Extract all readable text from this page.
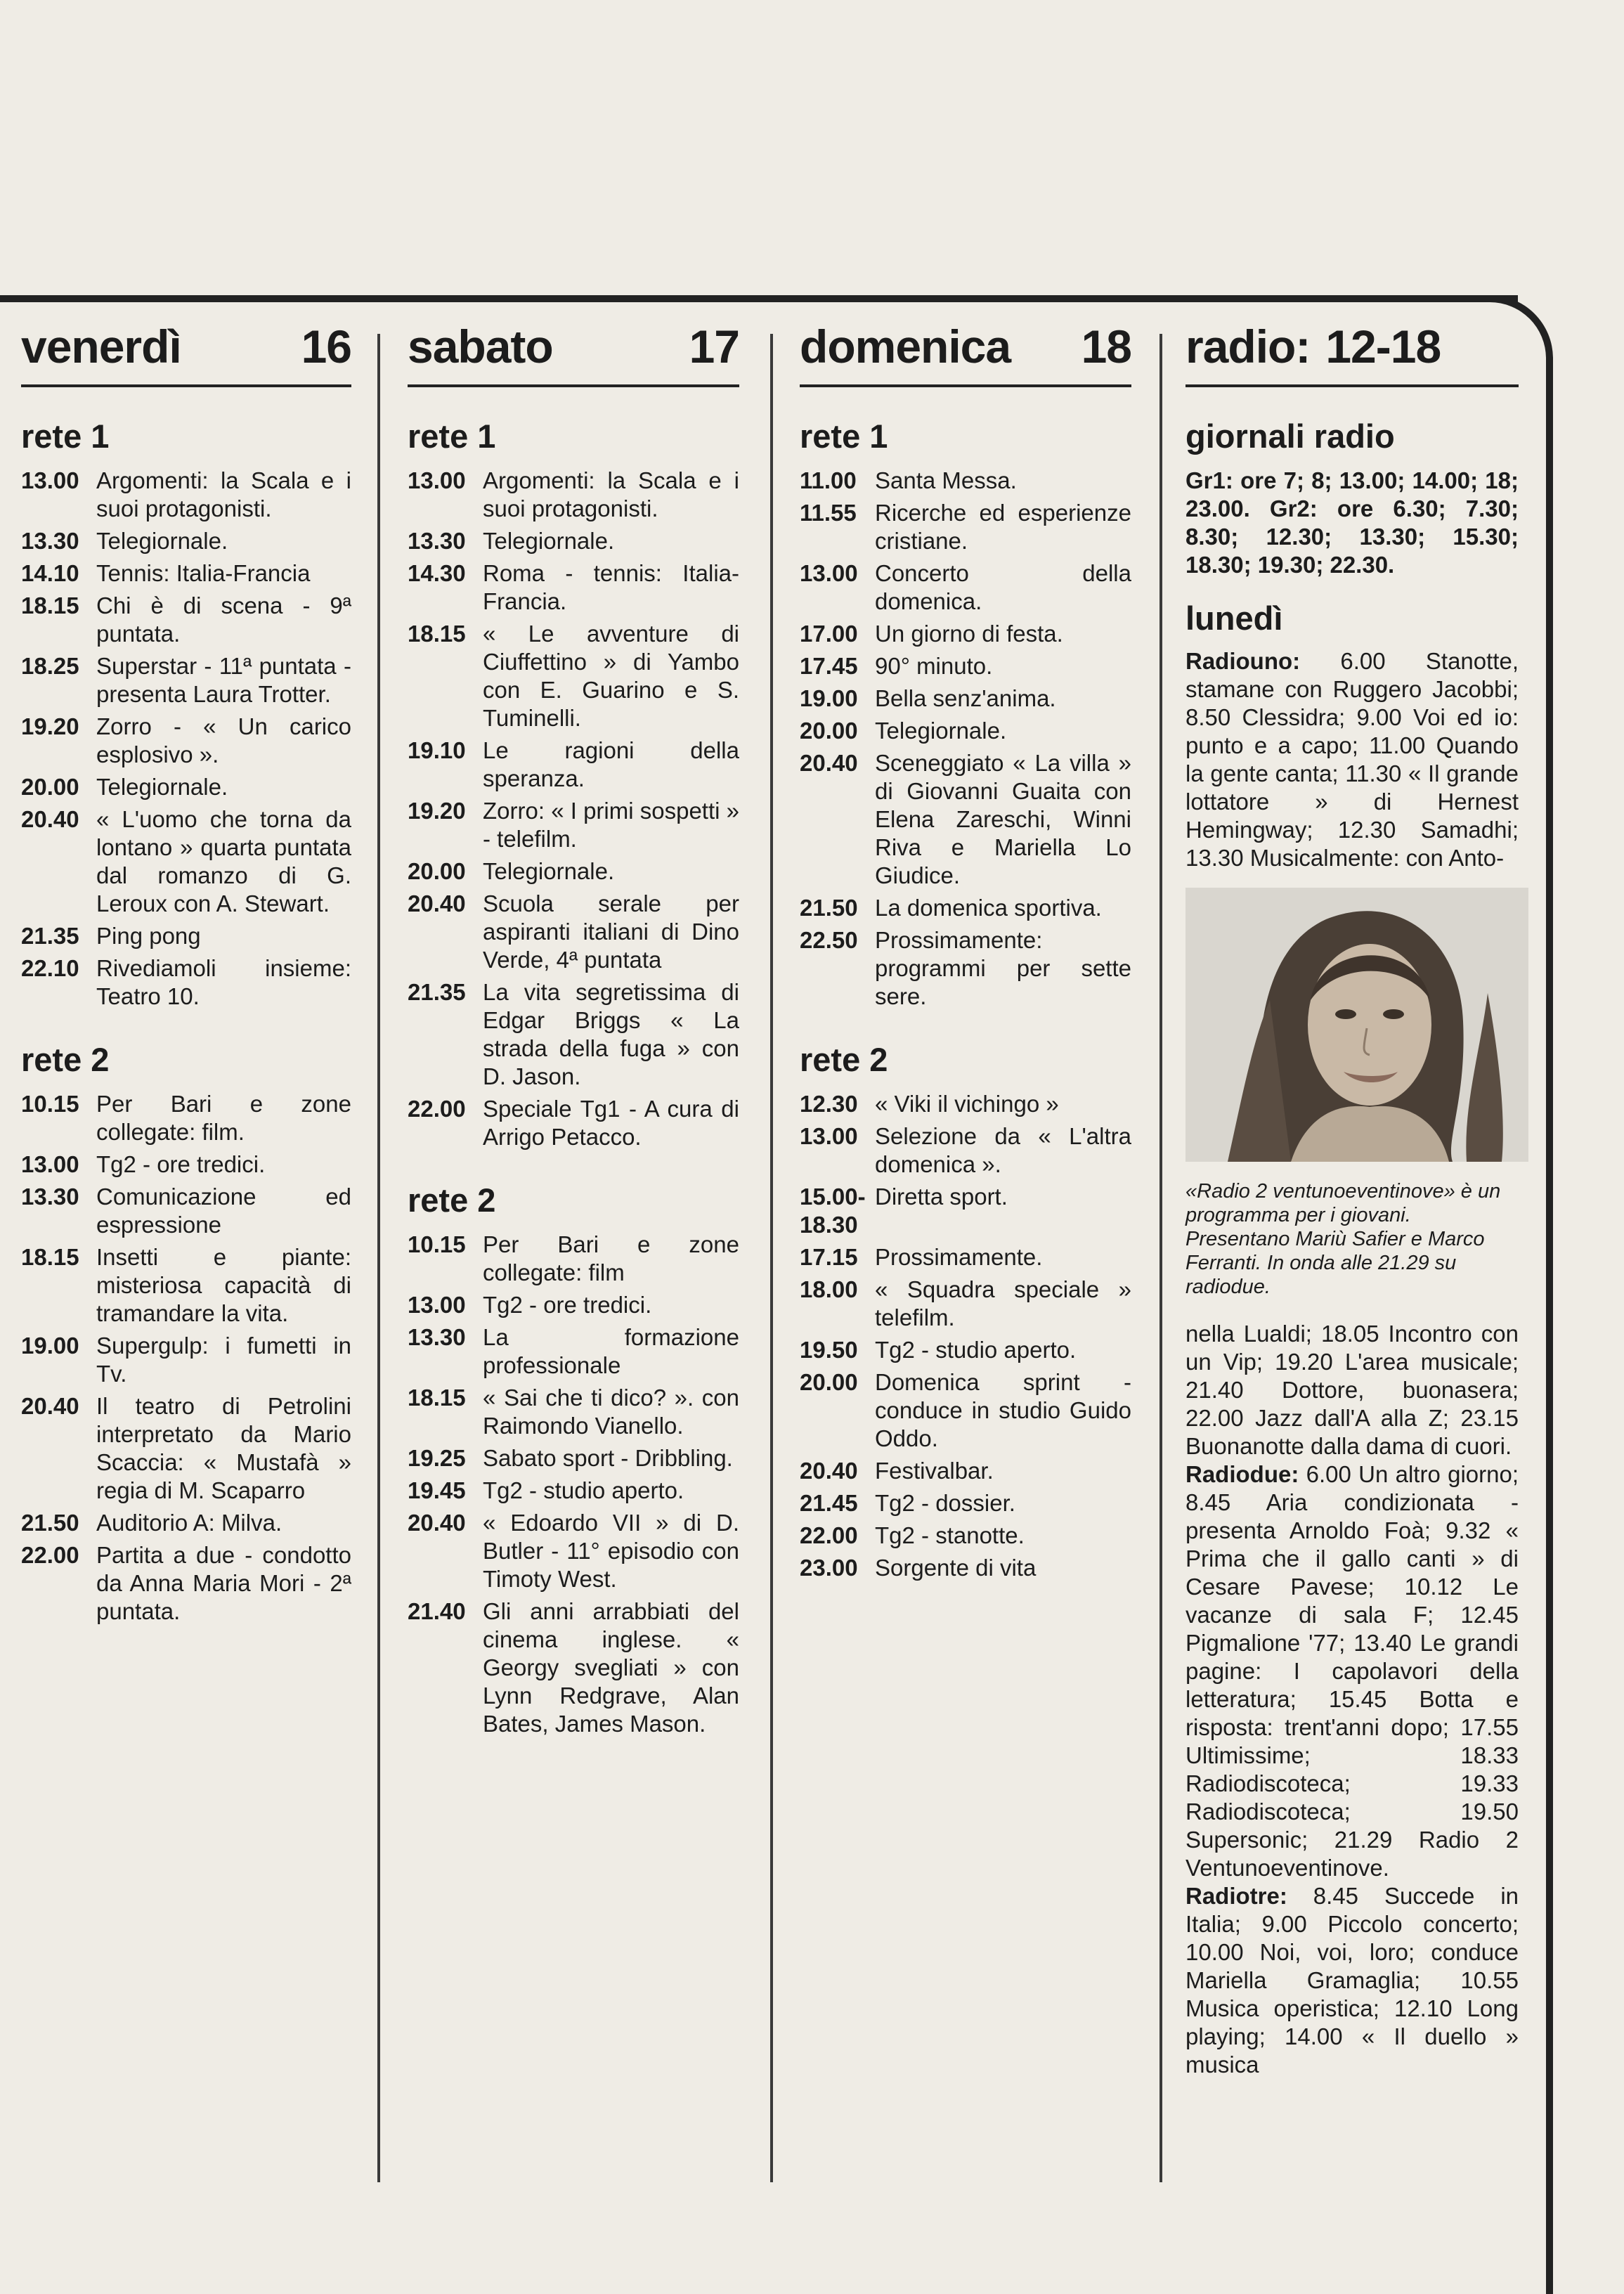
venerdì	16
rete 1
13.00 Argomenti: la Scala e i suoi protagonisti.
13.30 Telegiornale.
14.10 Tennis: Italia-Francia
18.15 Chi è di scena - 9ª puntata.
18.25 Superstar - 11ª puntata - presenta Laura Trotter.
19.20 Zorro - « Un carico esplosivo ».
20.00 Telegiornale.
20.40 « L'uomo che torna da lontano » quarta puntata dal romanzo di G. Leroux con A. Stewart.
21.35 Ping pong
22.10 Rivediamoli insieme: Teatro 10.
rete 2
10.15 Per Bari e zone collegate: film.
13.00 Tg2 - ore tredici.
13.30 Comunicazione ed espressione
18.15 Insetti e piante: misteriosa capacità di tramandare la vita.
19.00 Supergulp: i fumetti in Tv.
20.40 Il teatro di Petrolini interpretato da Mario Scaccia: « Mustafà » regia di M. Scaparro
21.50 Auditorio A: Milva.
22.00 Partita a due - condotto da Anna Maria Mori - 2ª puntata.
sabato	17
rete 1
13.00 Argomenti: la Scala e i suoi protagonisti.
13.30 Telegiornale.
14.30 Roma - tennis: Italia-Francia.
18.15 « Le avventure di Ciuffettino » di Yambo con E. Guarino e S. Tuminelli.
19.10 Le ragioni della speranza.
19.20 Zorro: « I primi sospetti » - telefilm.
20.00 Telegiornale.
20.40 Scuola serale per aspiranti italiani di Dino Verde, 4ª puntata
21.35 La vita segretissima di Edgar Briggs « La strada della fuga » con D. Jason.
22.00 Speciale Tg1 - A cura di Arrigo Petacco.
rete 2
10.15 Per Bari e zone collegate: film
13.00 Tg2 - ore tredici.
13.30 La formazione professionale
18.15 « Sai che ti dico? ». con Raimondo Vianello.
19.25 Sabato sport - Dribbling.
19.45 Tg2 - studio aperto.
20.40 « Edoardo VII » di D. Butler - 11° episodio con Timoty West.
21.40 Gli anni arrabbiati del cinema inglese. « Georgy svegliati » con Lynn Redgrave, Alan Bates, James Mason.
domenica 18
rete 1
11.00 Santa Messa.
11.55 Ricerche ed esperienze cristiane.
13.00 Concerto della domenica.
17.00 Un giorno di festa.
17.45 90° minuto.
19.00 Bella senz'anima.
20.00 Telegiornale.
20.40 Sceneggiato « La villa » di Giovanni Guaita con Elena Zareschi, Winni Riva e Mariella Lo Giudice.
21.50 La domenica sportiva.
22.50 Prossimamente: programmi per sette sere.
rete 2
12.30 « Viki il vichingo »
13.00 Selezione da « L'altra domenica ».
15.00-18.30
Diretta sport.
17.15 Prossimamente.
18.00 « Squadra speciale » telefilm.
19.50 Tg2 - studio aperto.
20.00 Domenica sprint - conduce in studio Guido Oddo.
20.40 Festivalbar.
21.45 Tg2 - dossier.
22.00 Tg2 - stanotte.
23.00 Sorgente di vita
radio: 12-18
giornali radio
Gr1: ore 7; 8; 13.00; 14.00; 18; 23.00. Gr2: ore 6.30; 7.30; 8.30; 12.30; 13.30; 15.30; 18.30; 19.30; 22.30.
lunedì
Radiouno: 6.00 Stanotte, stamane con Ruggero Jacobbi; 8.50 Clessidra; 9.00 Voi ed io: punto e a capo; 11.00 Quando la gente canta; 11.30 « Il grande lottatore » di Hernest Hemingway; 12.30 Samadhi; 13.30 Musicalmente: con Anto-
«Radio 2 ventunoeventinove» è un programma per i giovani. Presentano Mariù Safier e Marco Ferranti. In onda alle 21.29 su radiodue.
nella Lualdi; 18.05 Incontro con un Vip; 19.20 L'area musicale; 21.40 Dottore, buonasera; 22.00 Jazz dall'A alla Z; 23.15 Buonanotte dalla dama di cuori.
Radiodue: 6.00 Un altro giorno; 8.45 Aria condizionata - presenta Arnoldo Foà; 9.32 « Prima che il gallo canti » di Cesare Pavese; 10.12 Le vacanze di sala F; 12.45 Pigmalione '77; 13.40 Le grandi pagine: I capolavori della letteratura; 15.45 Botta e risposta: trent'anni dopo; 17.55 Ultimissime; 18.33 Radiodiscoteca; 19.33 Radiodiscoteca; 19.50 Supersonic; 21.29 Radio 2 Ventunoeventinove.
Radiotre: 8.45 Succede in Italia; 9.00 Piccolo concerto; 10.00 Noi, voi, loro; conduce Mariella Gramaglia; 10.55 Musica operistica; 12.10 Long playing; 14.00 « Il duello » musica
